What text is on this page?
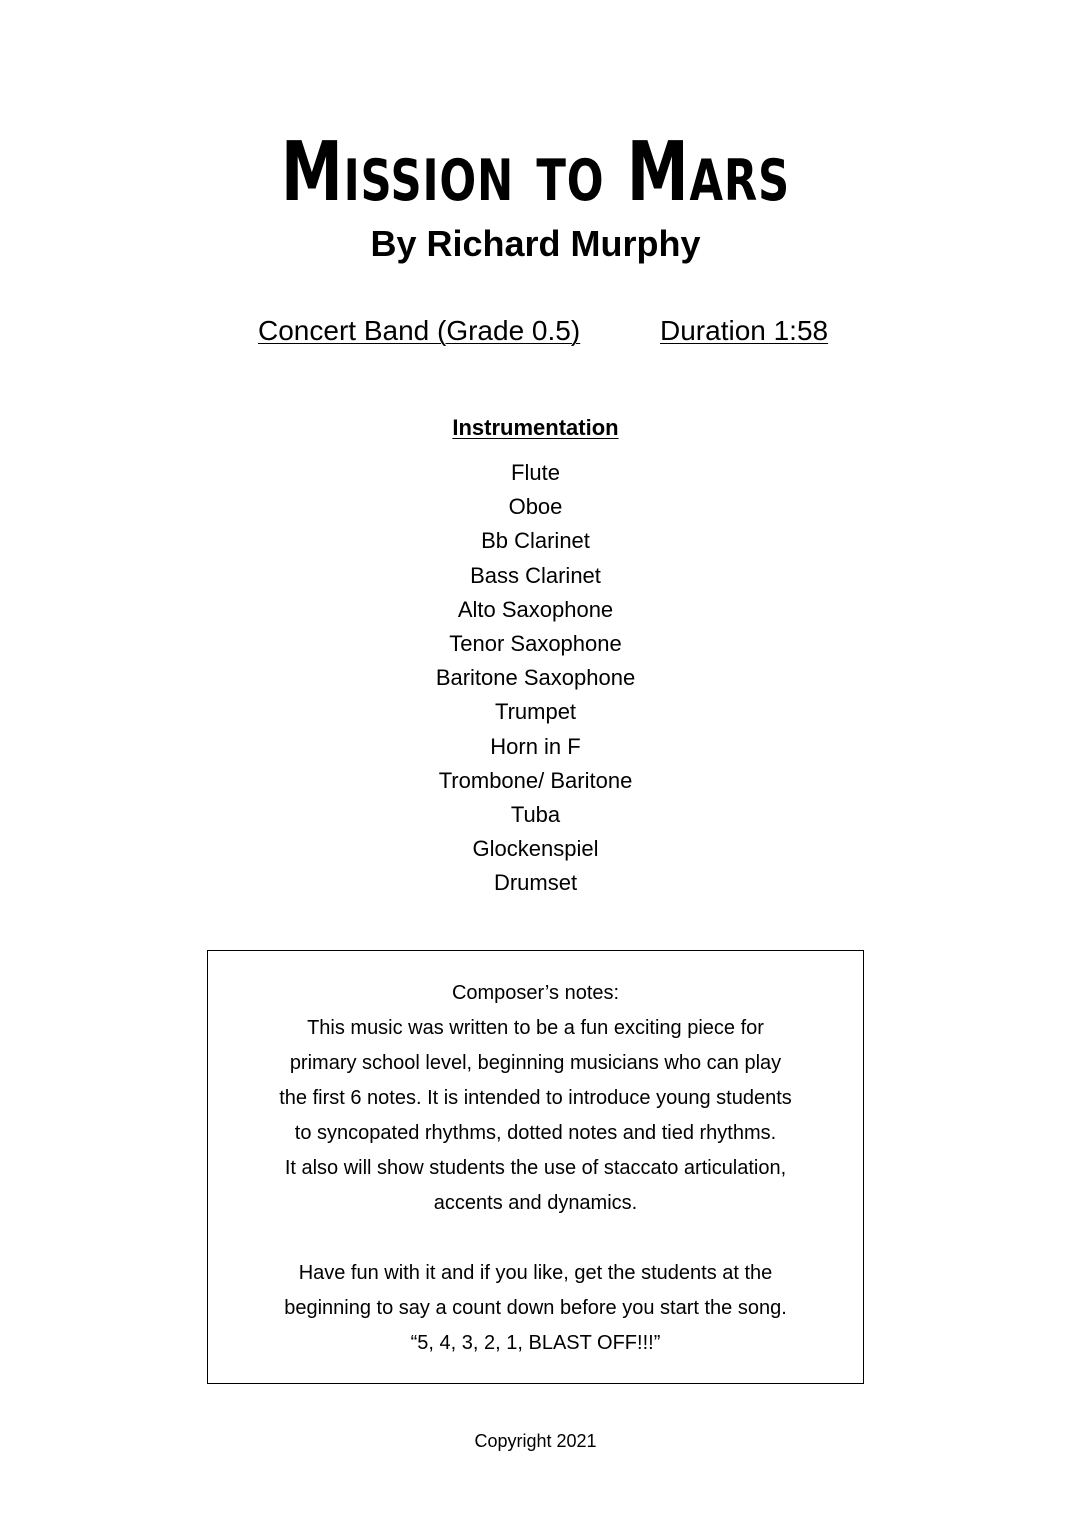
Mission to Mars
By Richard Murphy
Concert Band (Grade 0.5)	Duration 1:58
Instrumentation
Flute
Oboe
Bb Clarinet
Bass Clarinet
Alto Saxophone
Tenor Saxophone
Baritone Saxophone
Trumpet
Horn in F
Trombone/ Baritone
Tuba
Glockenspiel
Drumset
Composer’s notes:
This music was written to be a fun exciting piece for
primary school level, beginning musicians who can play
the first 6 notes. It is intended to introduce young students
to syncopated rhythms, dotted notes and tied rhythms.
It also will show students the use of staccato articulation,
accents and dynamics.
Have fun with it and if you like, get the students at the
beginning to say a count down before you start the song.
“5, 4, 3, 2, 1, BLAST OFF!!!”
Copyright 2021
